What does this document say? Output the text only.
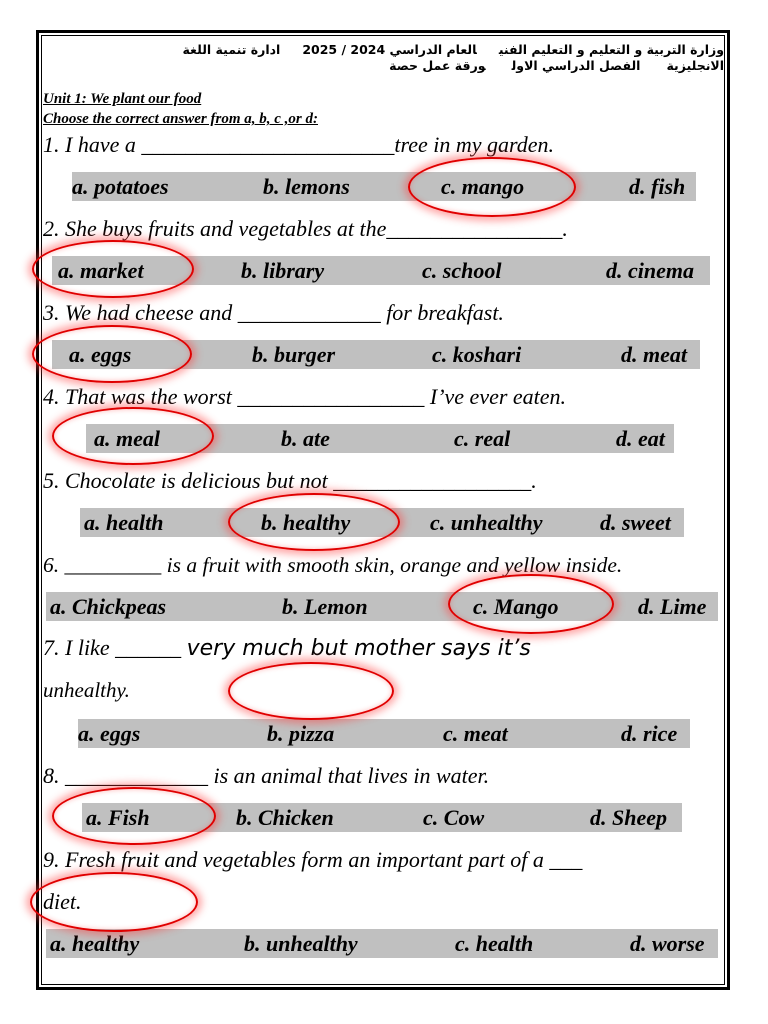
وزارة التربية و التعليم و التعليم الفنيالعام الدراسي 2024 / 2025ادارة تنمية اللغة
الانجليزيةالفصل الدراسي الاولورقة عمل حصة
Unit 1: We plant our food
Choose the correct answer from a, b, c ,or d:
1. I have a _______________________tree in my garden.
a. potatoes	b. lemons	c. mango	d. fish
2. She buys fruits and vegetables at the________________.
a. market	b. library	c. school	d. cinema
3. We had cheese and _____________ for breakfast.
a. eggs	b. burger	c. koshari	d. meat
4. That was the worst _________________ I’ve ever eaten.
a. meal	b. ate	c. real	d. eat
5. Chocolate is delicious but not __________________.
a. health	b. healthy	c. unhealthy	d. sweet
6. _________ is a fruit with smooth skin, orange and yellow inside.
a. Chickpeas	b. Lemon	c. Mango	d. Lime
7. I like ______ very much but mother says it’s
unhealthy.
a. eggs	b. pizza	c. meat	d. rice
8. _____________ is an animal that lives in water.
a. Fish	b. Chicken	c. Cow	d. Sheep
9. Fresh fruit and vegetables form an important part of a ___
diet.
a. healthy	b. unhealthy	c. health	d. worse
